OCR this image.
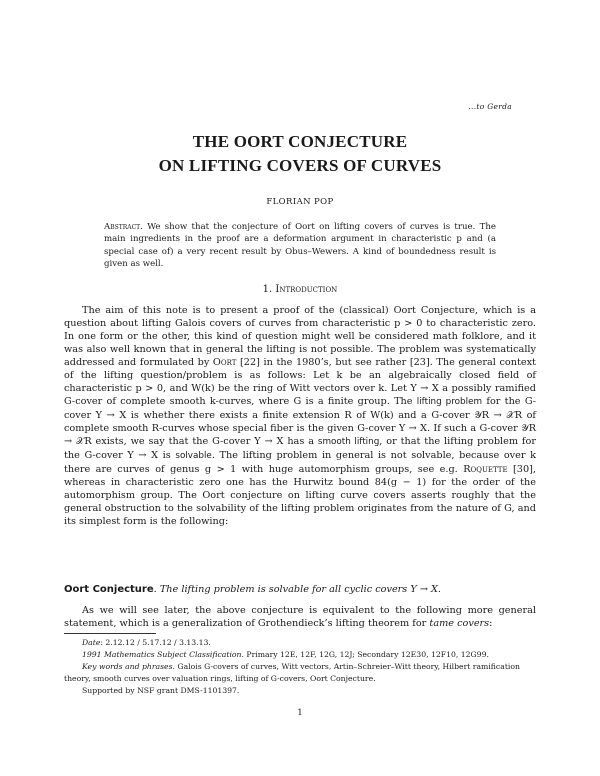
...to Gerda
THE OORT CONJECTURE
ON LIFTING COVERS OF CURVES
FLORIAN POP
Abstract. We show that the conjecture of Oort on lifting covers of curves is true. The main ingredients in the proof are a deformation argument in characteristic p and (a special case of) a very recent result by Obus–Wewers. A kind of boundedness result is given as well.
1. Introduction
The aim of this note is to present a proof of the (classical) Oort Conjecture, which is a question about lifting Galois covers of curves from characteristic p > 0 to characteristic zero. In one form or the other, this kind of question might well be considered math folklore, and it was also well known that in general the lifting is not possible. The problem was systematically addressed and formulated by Oort [22] in the 1980’s, but see rather [23]. The general context of the lifting question/problem is as follows: Let k be an algebraically closed field of characteristic p > 0, and W(k) be the ring of Witt vectors over k. Let Y → X a possibly ramified G-cover of complete smooth k-curves, where G is a finite group. The lifting problem for the G-cover Y → X is whether there exists a finite extension R of W(k) and a G-cover 𝒴R → 𝒳R of complete smooth R-curves whose special fiber is the given G-cover Y → X. If such a G-cover 𝒴R → 𝒳R exists, we say that the G-cover Y → X has a smooth lifting, or that the lifting problem for the G-cover Y → X is solvable. The lifting problem in general is not solvable, because over k there are curves of genus g > 1 with huge automorphism groups, see e.g. Roquette [30], whereas in characteristic zero one has the Hurwitz bound 84(g − 1) for the order of the automorphism group. The Oort conjecture on lifting curve covers asserts roughly that the general obstruction to the solvability of the lifting problem originates from the nature of G, and its simplest form is the following:
Oort Conjecture. The lifting problem is solvable for all cyclic covers Y → X.
As we will see later, the above conjecture is equivalent to the following more general statement, which is a generalization of Grothendieck’s lifting theorem for tame covers:
Date: 2.12.12 / 5.17.12 / 3.13.13.
1991 Mathematics Subject Classification. Primary 12E, 12F, 12G, 12J; Secondary 12E30, 12F10, 12G99.
Key words and phrases. Galois G-covers of curves, Witt vectors, Artin–Schreier–Witt theory, Hilbert ramification theory, smooth curves over valuation rings, lifting of G-covers, Oort Conjecture.
Supported by NSF grant DMS-1101397.
1
